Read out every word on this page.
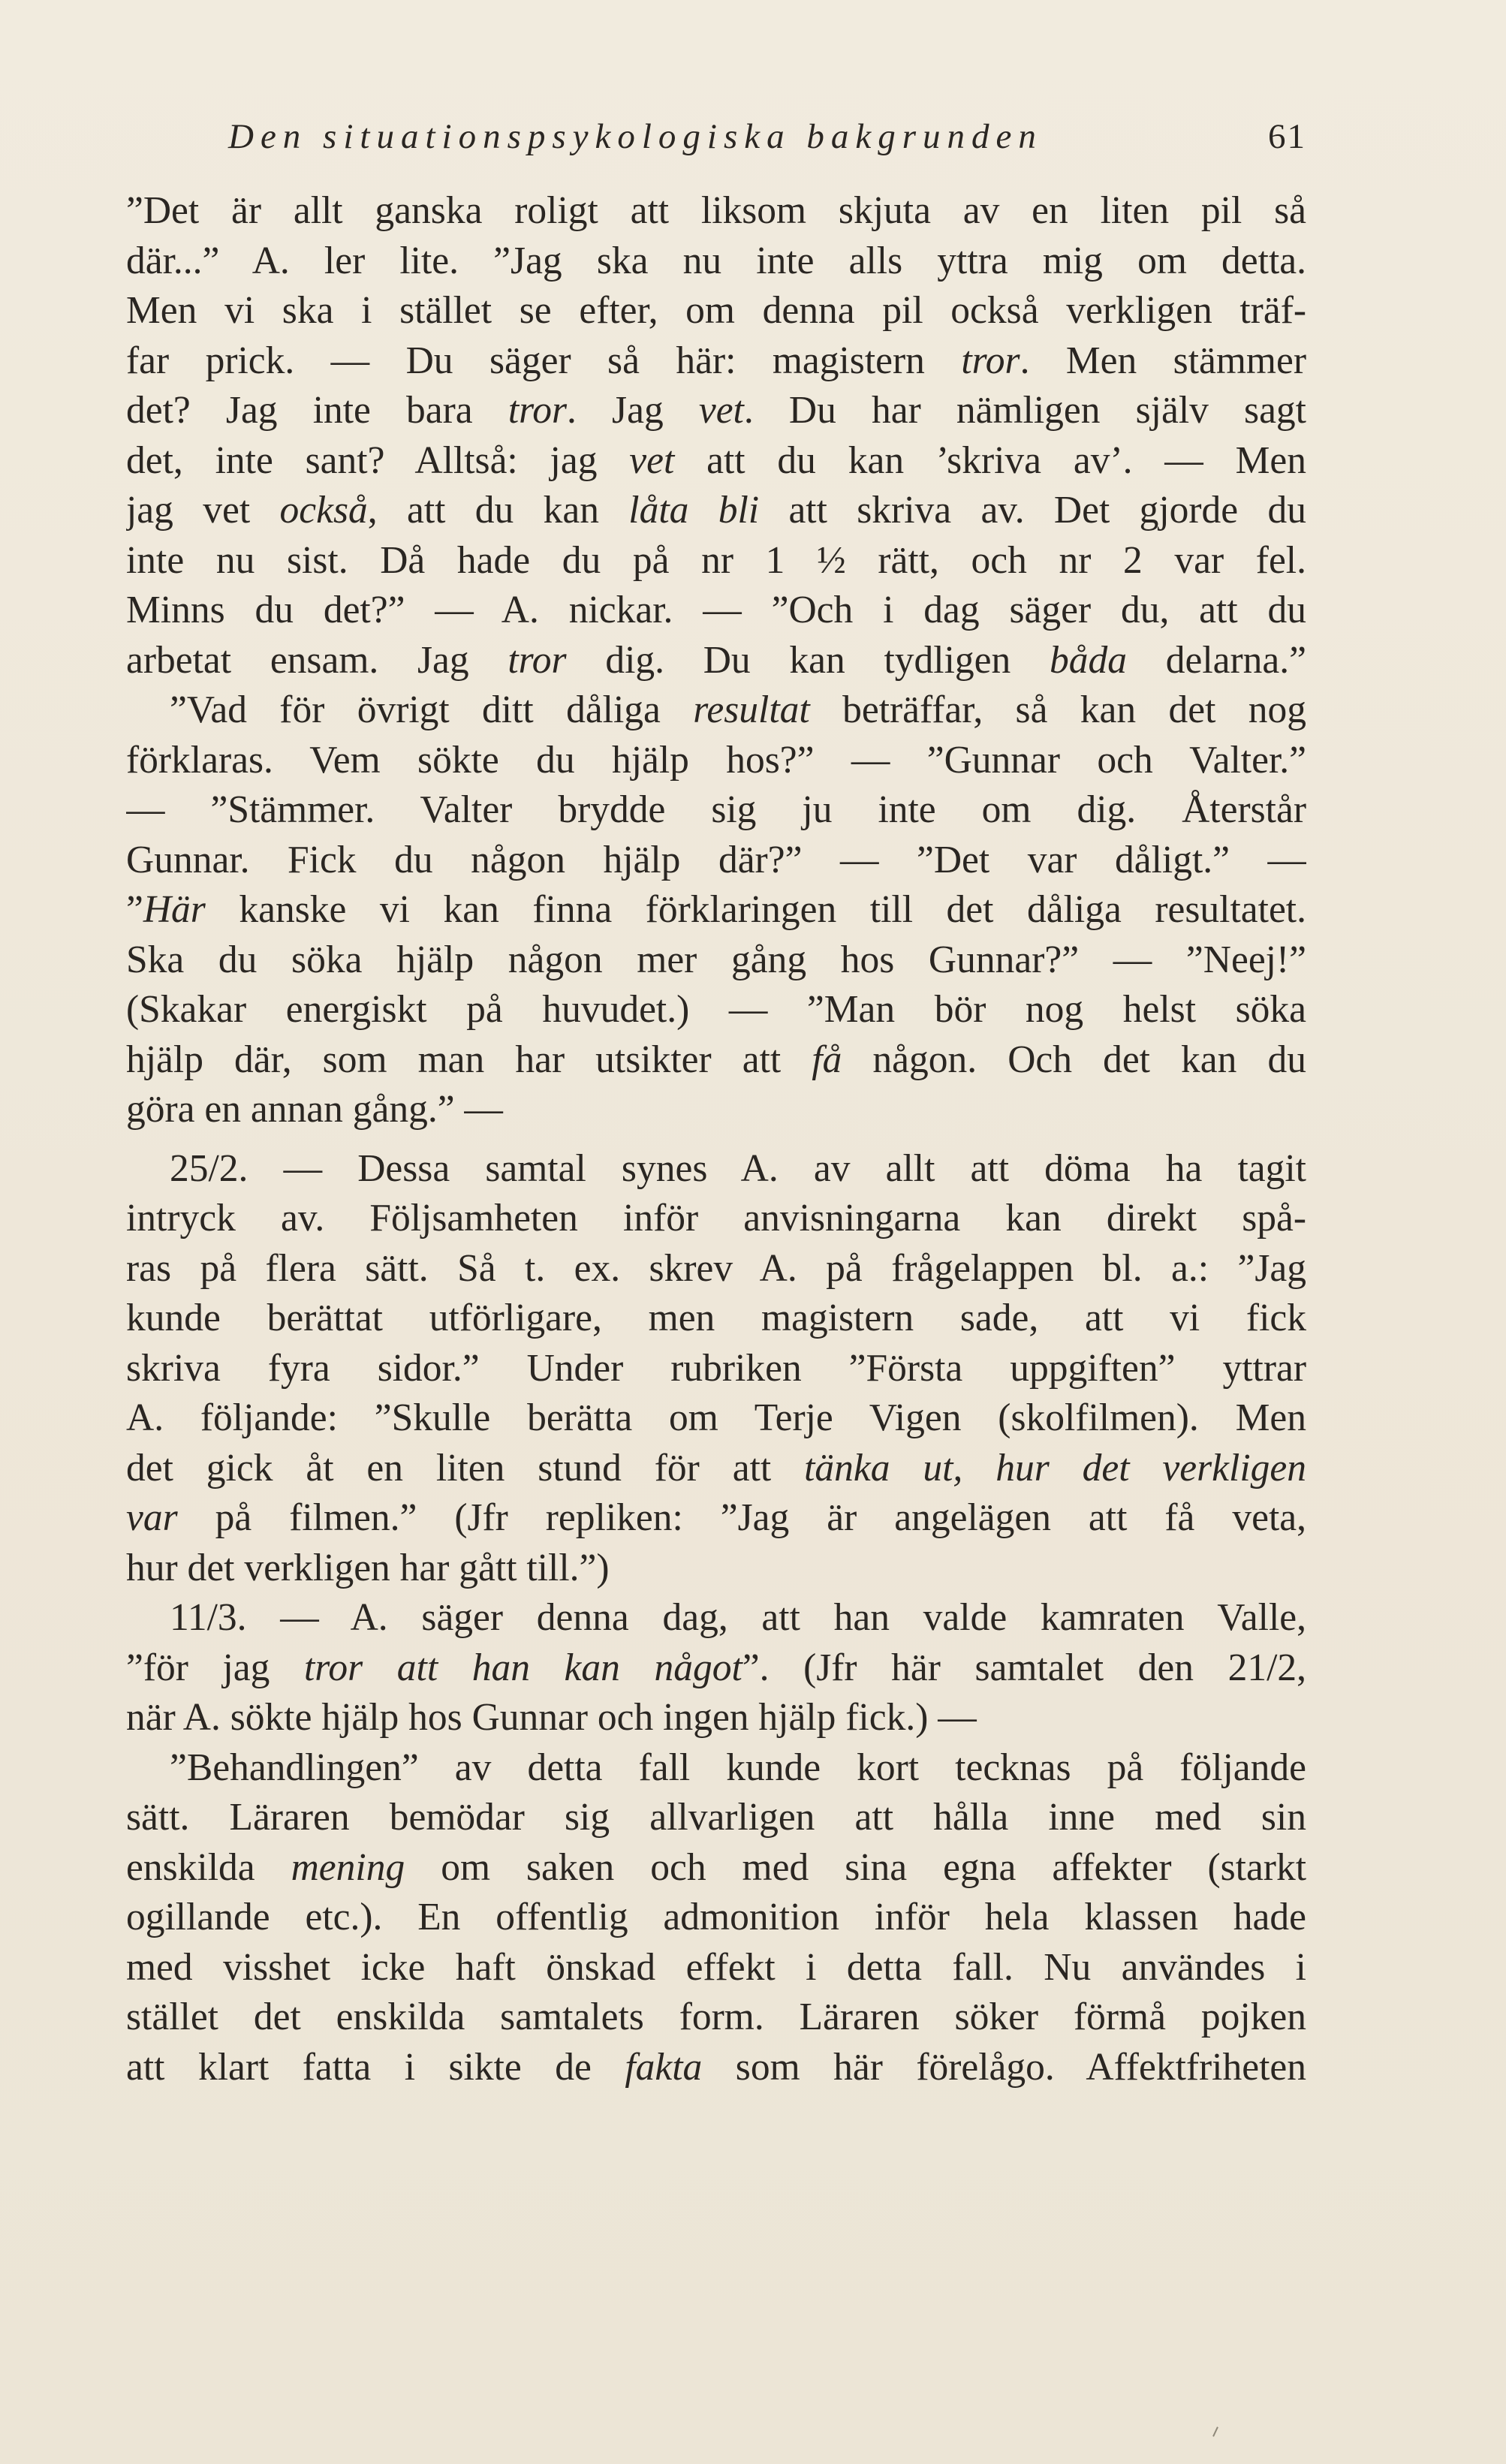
Den situationspsykologiska bakgrunden	61
”Det är allt ganska roligt att liksom skjuta av en liten pil så
där...” A. ler lite. ”Jag ska nu inte alls yttra mig om detta.
Men vi ska i stället se efter, om denna pil också verkligen träf-
far prick. — Du säger så här: magistern tror. Men stämmer
det? Jag inte bara tror. Jag vet. Du har nämligen själv sagt
det, inte sant? Alltså: jag vet att du kan ’skriva av’. — Men
jag vet också, att du kan låta bli att skriva av. Det gjorde du
inte nu sist. Då hade du på nr 1 ½ rätt, och nr 2 var fel.
Minns du det?” — A. nickar. — ”Och i dag säger du, att du
arbetat ensam. Jag tror dig. Du kan tydligen båda delarna.”
”Vad för övrigt ditt dåliga resultat beträffar, så kan det nog
förklaras. Vem sökte du hjälp hos?” — ”Gunnar och Valter.”
— ”Stämmer. Valter brydde sig ju inte om dig. Återstår
Gunnar. Fick du någon hjälp där?” — ”Det var dåligt.” —
”Här kanske vi kan finna förklaringen till det dåliga resultatet.
Ska du söka hjälp någon mer gång hos Gunnar?” — ”Neej!”
(Skakar energiskt på huvudet.) — ”Man bör nog helst söka
hjälp där, som man har utsikter att få någon. Och det kan du
göra en annan gång.” —
25/2. — Dessa samtal synes A. av allt att döma ha tagit
intryck av. Följsamheten inför anvisningarna kan direkt spå-
ras på flera sätt. Så t. ex. skrev A. på frågelappen bl. a.: ”Jag
kunde berättat utförligare, men magistern sade, att vi fick
skriva fyra sidor.” Under rubriken ”Första uppgiften” yttrar
A. följande: ”Skulle berätta om Terje Vigen (skolfilmen). Men
det gick åt en liten stund för att tänka ut, hur det verkligen
var på filmen.” (Jfr repliken: ”Jag är angelägen att få veta,
hur det verkligen har gått till.”)
11/3. — A. säger denna dag, att han valde kamraten Valle,
”för jag tror att han kan något”. (Jfr här samtalet den 21/2,
när A. sökte hjälp hos Gunnar och ingen hjälp fick.) —
”Behandlingen” av detta fall kunde kort tecknas på följande
sätt. Läraren bemödar sig allvarligen att hålla inne med sin
enskilda mening om saken och med sina egna affekter (starkt
ogillande etc.). En offentlig admonition inför hela klassen hade
med visshet icke haft önskad effekt i detta fall. Nu användes i
stället det enskilda samtalets form. Läraren söker förmå pojken
att klart fatta i sikte de fakta som här förelågo. Affektfriheten
